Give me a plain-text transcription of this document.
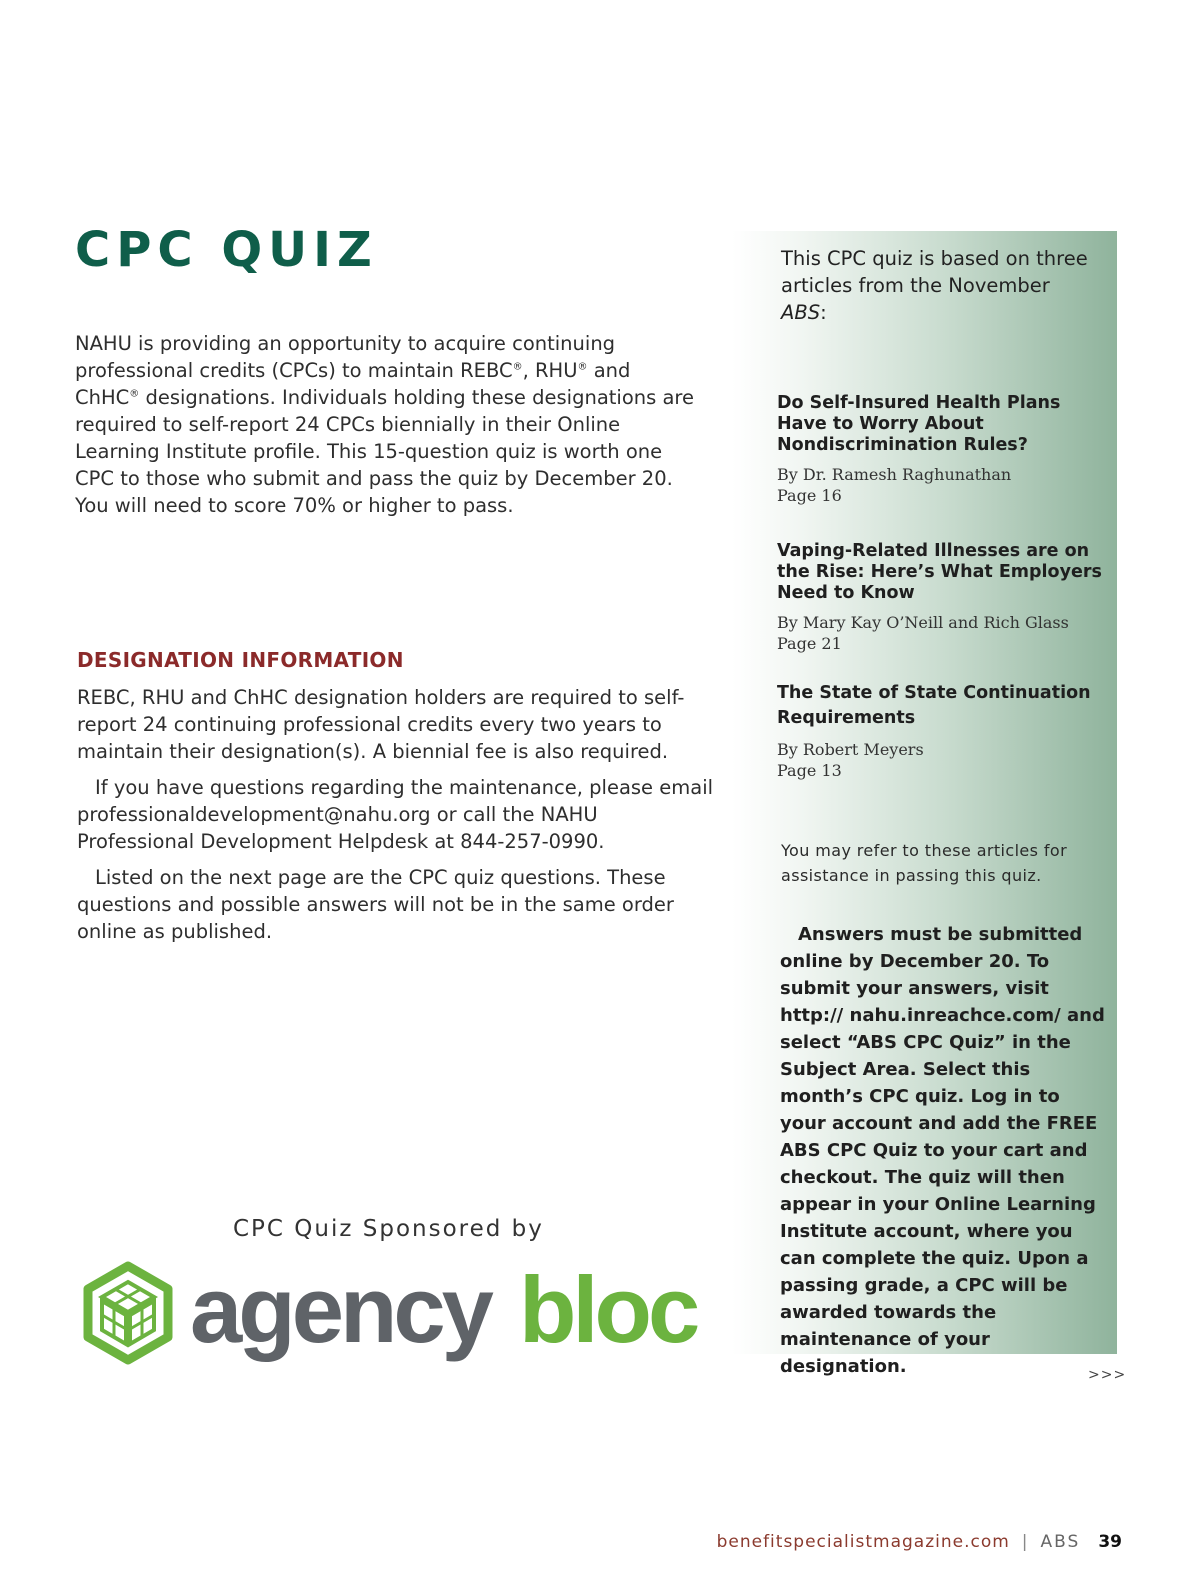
CPC QUIZ

NAHU is providing an opportunity to acquire continuing professional credits (CPCs) to maintain REBC®, RHU® and ChHC® designations. Individuals holding these designations are required to self-report 24 CPCs biennially in their Online Learning Institute profile. This 15-question quiz is worth one CPC to those who submit and pass the quiz by December 20. You will need to score 70% or higher to pass.

DESIGNATION INFORMATION

REBC, RHU and ChHC designation holders are required to self-report 24 continuing professional credits every two years to maintain their designation(s). A biennial fee is also required.

If you have questions regarding the maintenance, please email professionaldevelopment@nahu.org or call the NAHU Professional Development Helpdesk at 844-257-0990.

Listed on the next page are the CPC quiz questions. These questions and possible answers will not be in the same order online as published.

CPC Quiz Sponsored by

agency bloc

This CPC quiz is based on three articles from the November ABS:

Do Self-Insured Health Plans Have to Worry About Nondiscrimination Rules?

By Dr. Ramesh Raghunathan
Page 16

Vaping-Related Illnesses are on the Rise: Here’s What Employers Need to Know

By Mary Kay O’Neill and Rich Glass
Page 21

The State of State Continuation Requirements

By Robert Meyers
Page 13

You may refer to these articles for assistance in passing this quiz.

Answers must be submitted online by December 20. To submit your answers, visit http:// nahu.inreachce.com/ and select “ABS CPC Quiz” in the Subject Area. Select this month’s CPC quiz. Log in to your account and add the FREE ABS CPC Quiz to your cart and checkout. The quiz will then appear in your Online Learning Institute account, where you can complete the quiz. Upon a passing grade, a CPC will be awarded towards the maintenance of your designation.	>>>
benefitspecialistmagazine.com | ABS 39
